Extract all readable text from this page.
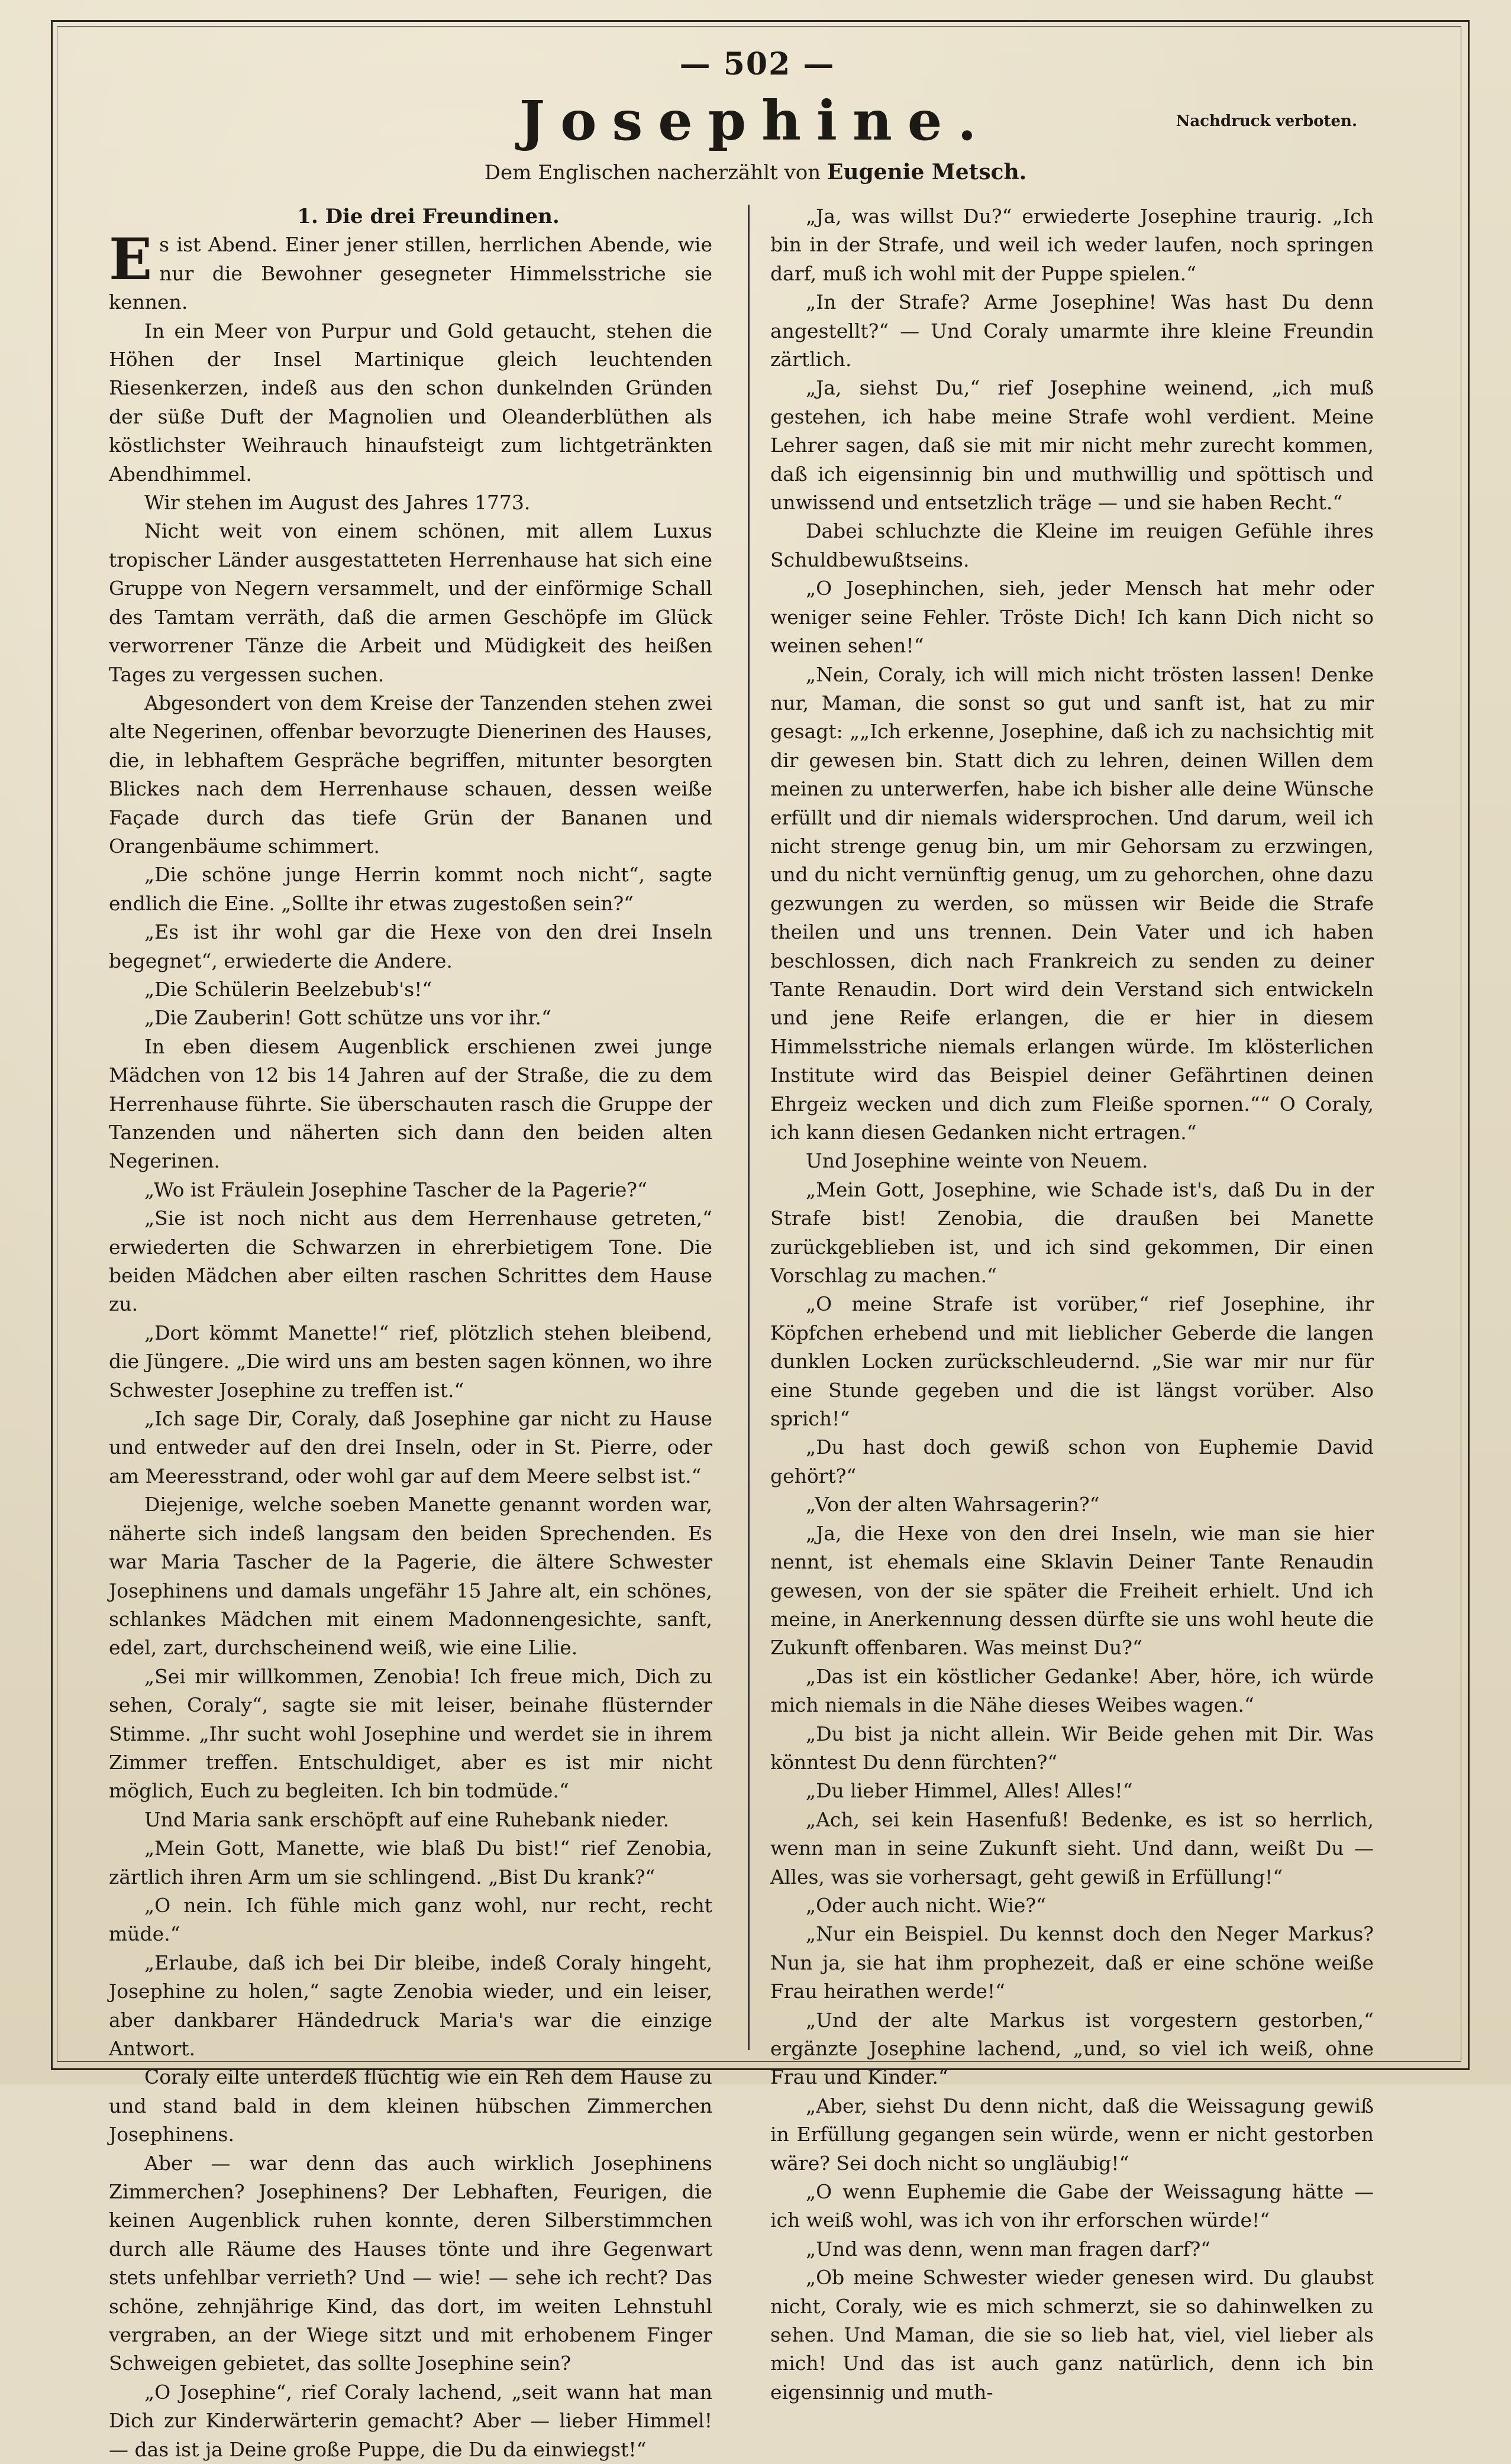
— 502 —
Josephine.	Nachdruck verboten.
Dem Englischen nacherzählt von Eugenie Metsch.

1. Die drei Freundinen.

Es ist Abend. Einer jener stillen, herrlichen Abende, wie nur die Bewohner gesegneter Himmelsstriche sie kennen.

In ein Meer von Purpur und Gold getaucht, stehen die Höhen der Insel Martinique gleich leuchtenden Riesenkerzen, indeß aus den schon dunkelnden Gründen der süße Duft der Magnolien und Oleanderblüthen als köstlichster Weihrauch hinaufsteigt zum lichtgetränkten Abendhimmel.

Wir stehen im August des Jahres 1773.

Nicht weit von einem schönen, mit allem Luxus tropischer Länder ausgestatteten Herrenhause hat sich eine Gruppe von Negern versammelt, und der einförmige Schall des Tamtam verräth, daß die armen Geschöpfe im Glück verworrener Tänze die Arbeit und Müdigkeit des heißen Tages zu vergessen suchen.

Abgesondert von dem Kreise der Tanzenden stehen zwei alte Negerinen, offenbar bevorzugte Dienerinen des Hauses, die, in lebhaftem Gespräche begriffen, mitunter besorgten Blickes nach dem Herrenhause schauen, dessen weiße Façade durch das tiefe Grün der Bananen und Orangenbäume schimmert.

„Die schöne junge Herrin kommt noch nicht“, sagte endlich die Eine. „Sollte ihr etwas zugestoßen sein?“

„Es ist ihr wohl gar die Hexe von den drei Inseln begegnet“, erwiederte die Andere.

„Die Schülerin Beelzebub's!“

„Die Zauberin! Gott schütze uns vor ihr.“

In eben diesem Augenblick erschienen zwei junge Mädchen von 12 bis 14 Jahren auf der Straße, die zu dem Herrenhause führte. Sie überschauten rasch die Gruppe der Tanzenden und näherten sich dann den beiden alten Negerinen.

„Wo ist Fräulein Josephine Tascher de la Pagerie?“

„Sie ist noch nicht aus dem Herrenhause getreten,“ erwiederten die Schwarzen in ehrerbietigem Tone. Die beiden Mädchen aber eilten raschen Schrittes dem Hause zu.

„Dort kömmt Manette!“ rief, plötzlich stehen bleibend, die Jüngere. „Die wird uns am besten sagen können, wo ihre Schwester Josephine zu treffen ist.“

„Ich sage Dir, Coraly, daß Josephine gar nicht zu Hause und entweder auf den drei Inseln, oder in St. Pierre, oder am Meeresstrand, oder wohl gar auf dem Meere selbst ist.“

Diejenige, welche soeben Manette genannt worden war, näherte sich indeß langsam den beiden Sprechenden. Es war Maria Tascher de la Pagerie, die ältere Schwester Josephinens und damals ungefähr 15 Jahre alt, ein schönes, schlankes Mädchen mit einem Madonnengesichte, sanft, edel, zart, durchscheinend weiß, wie eine Lilie.

„Sei mir willkommen, Zenobia! Ich freue mich, Dich zu sehen, Coraly“, sagte sie mit leiser, beinahe flüsternder Stimme. „Ihr sucht wohl Josephine und werdet sie in ihrem Zimmer treffen. Entschuldiget, aber es ist mir nicht möglich, Euch zu begleiten. Ich bin todmüde.“

Und Maria sank erschöpft auf eine Ruhebank nieder.

„Mein Gott, Manette, wie blaß Du bist!“ rief Zenobia, zärtlich ihren Arm um sie schlingend. „Bist Du krank?“

„O nein. Ich fühle mich ganz wohl, nur recht, recht müde.“

„Erlaube, daß ich bei Dir bleibe, indeß Coraly hingeht, Josephine zu holen,“ sagte Zenobia wieder, und ein leiser, aber dankbarer Händedruck Maria's war die einzige Antwort.

Coraly eilte unterdeß flüchtig wie ein Reh dem Hause zu und stand bald in dem kleinen hübschen Zimmerchen Josephinens.

Aber — war denn das auch wirklich Josephinens Zimmerchen? Josephinens? Der Lebhaften, Feurigen, die keinen Augenblick ruhen konnte, deren Silberstimmchen durch alle Räume des Hauses tönte und ihre Gegenwart stets unfehlbar verrieth? Und — wie! — sehe ich recht? Das schöne, zehnjährige Kind, das dort, im weiten Lehnstuhl vergraben, an der Wiege sitzt und mit erhobenem Finger Schweigen gebietet, das sollte Josephine sein?

„O Josephine“, rief Coraly lachend, „seit wann hat man Dich zur Kinderwärterin gemacht? Aber — lieber Himmel! — das ist ja Deine große Puppe, die Du da einwiegst!“

„Ja, was willst Du?“ erwiederte Josephine traurig. „Ich bin in der Strafe, und weil ich weder laufen, noch springen darf, muß ich wohl mit der Puppe spielen.“

„In der Strafe? Arme Josephine! Was hast Du denn angestellt?“ — Und Coraly umarmte ihre kleine Freundin zärtlich.

„Ja, siehst Du,“ rief Josephine weinend, „ich muß gestehen, ich habe meine Strafe wohl verdient. Meine Lehrer sagen, daß sie mit mir nicht mehr zurecht kommen, daß ich eigensinnig bin und muthwillig und spöttisch und unwissend und entsetzlich träge — und sie haben Recht.“

Dabei schluchzte die Kleine im reuigen Gefühle ihres Schuldbewußtseins.

„O Josephinchen, sieh, jeder Mensch hat mehr oder weniger seine Fehler. Tröste Dich! Ich kann Dich nicht so weinen sehen!“

„Nein, Coraly, ich will mich nicht trösten lassen! Denke nur, Maman, die sonst so gut und sanft ist, hat zu mir gesagt: „„Ich erkenne, Josephine, daß ich zu nachsichtig mit dir gewesen bin. Statt dich zu lehren, deinen Willen dem meinen zu unterwerfen, habe ich bisher alle deine Wünsche erfüllt und dir niemals widersprochen. Und darum, weil ich nicht strenge genug bin, um mir Gehorsam zu erzwingen, und du nicht vernünftig genug, um zu gehorchen, ohne dazu gezwungen zu werden, so müssen wir Beide die Strafe theilen und uns trennen. Dein Vater und ich haben beschlossen, dich nach Frankreich zu senden zu deiner Tante Renaudin. Dort wird dein Verstand sich entwickeln und jene Reife erlangen, die er hier in diesem Himmelsstriche niemals erlangen würde. Im klösterlichen Institute wird das Beispiel deiner Gefährtinen deinen Ehrgeiz wecken und dich zum Fleiße spornen.““ O Coraly, ich kann diesen Gedanken nicht ertragen.“

Und Josephine weinte von Neuem.

„Mein Gott, Josephine, wie Schade ist's, daß Du in der Strafe bist! Zenobia, die draußen bei Manette zurückgeblieben ist, und ich sind gekommen, Dir einen Vorschlag zu machen.“

„O meine Strafe ist vorüber,“ rief Josephine, ihr Köpfchen erhebend und mit lieblicher Geberde die langen dunklen Locken zurückschleudernd. „Sie war mir nur für eine Stunde gegeben und die ist längst vorüber. Also sprich!“

„Du hast doch gewiß schon von Euphemie David gehört?“

„Von der alten Wahrsagerin?“

„Ja, die Hexe von den drei Inseln, wie man sie hier nennt, ist ehemals eine Sklavin Deiner Tante Renaudin gewesen, von der sie später die Freiheit erhielt. Und ich meine, in Anerkennung dessen dürfte sie uns wohl heute die Zukunft offenbaren. Was meinst Du?“

„Das ist ein köstlicher Gedanke! Aber, höre, ich würde mich niemals in die Nähe dieses Weibes wagen.“

„Du bist ja nicht allein. Wir Beide gehen mit Dir. Was könntest Du denn fürchten?“

„Du lieber Himmel, Alles! Alles!“

„Ach, sei kein Hasenfuß! Bedenke, es ist so herrlich, wenn man in seine Zukunft sieht. Und dann, weißt Du — Alles, was sie vorhersagt, geht gewiß in Erfüllung!“

„Oder auch nicht. Wie?“

„Nur ein Beispiel. Du kennst doch den Neger Markus? Nun ja, sie hat ihm prophezeit, daß er eine schöne weiße Frau heirathen werde!“

„Und der alte Markus ist vorgestern gestorben,“ ergänzte Josephine lachend, „und, so viel ich weiß, ohne Frau und Kinder.“

„Aber, siehst Du denn nicht, daß die Weissagung gewiß in Erfüllung gegangen sein würde, wenn er nicht gestorben wäre? Sei doch nicht so ungläubig!“

„O wenn Euphemie die Gabe der Weissagung hätte — ich weiß wohl, was ich von ihr erforschen würde!“

„Und was denn, wenn man fragen darf?“

„Ob meine Schwester wieder genesen wird. Du glaubst nicht, Coraly, wie es mich schmerzt, sie so dahinwelken zu sehen. Und Maman, die sie so lieb hat, viel, viel lieber als mich! Und das ist auch ganz natürlich, denn ich bin eigensinnig und muth-
